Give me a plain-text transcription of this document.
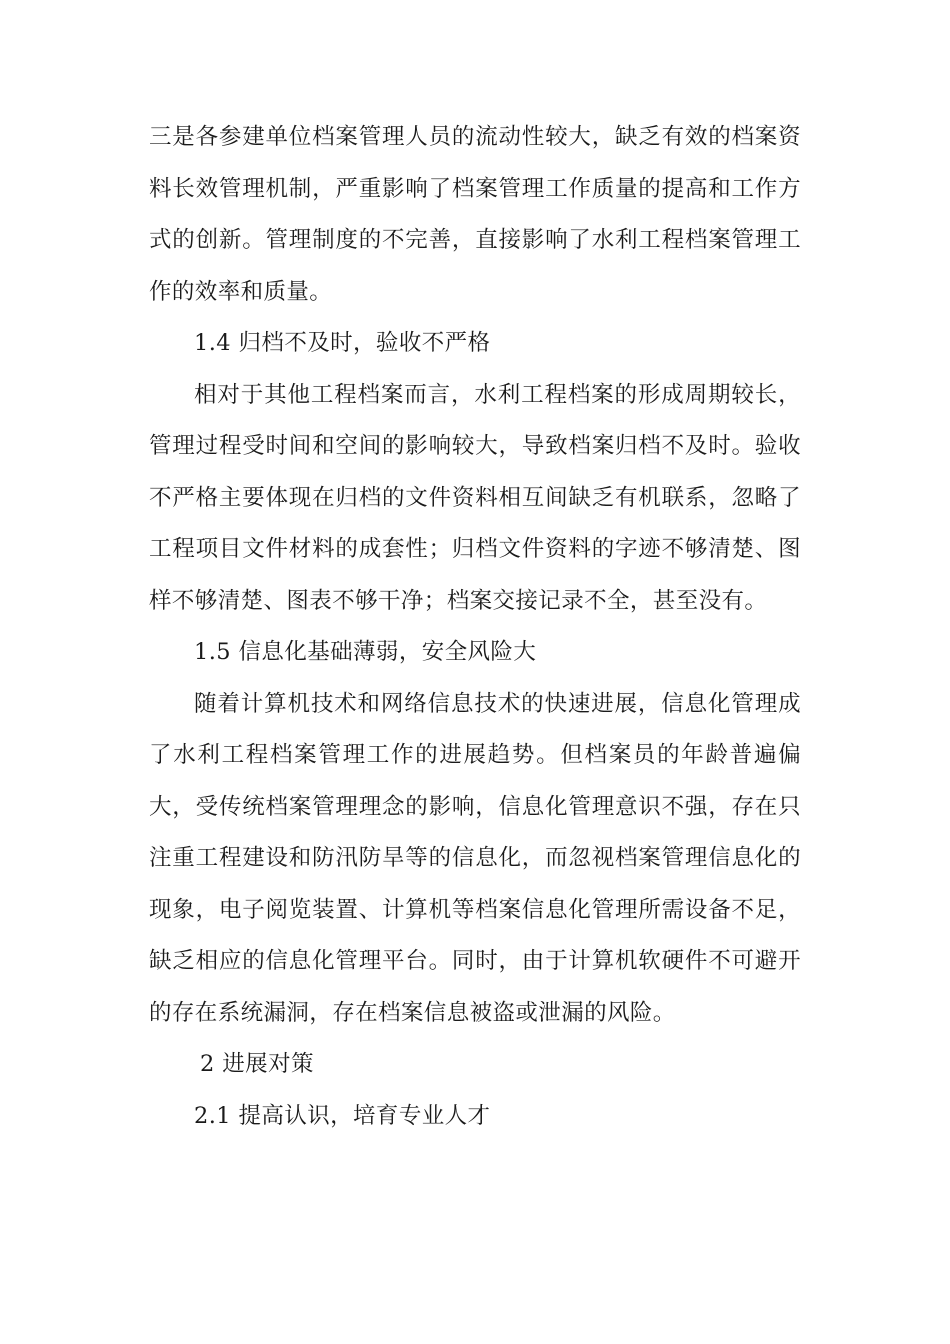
三是各参建单位档案管理人员的流动性较大，缺乏有效的档案资料长效管理机制，严重影响了档案管理工作质量的提高和工作方式的创新。管理制度的不完善，直接影响了水利工程档案管理工作的效率和质量。

1.4 归档不及时，验收不严格

相对于其他工程档案而言，水利工程档案的形成周期较长，管理过程受时间和空间的影响较大，导致档案归档不及时。验收不严格主要体现在归档的文件资料相互间缺乏有机联系，忽略了工程项目文件材料的成套性；归档文件资料的字迹不够清楚、图样不够清楚、图表不够干净；档案交接记录不全，甚至没有。

1.5 信息化基础薄弱，安全风险大

随着计算机技术和网络信息技术的快速进展，信息化管理成了水利工程档案管理工作的进展趋势。但档案员的年龄普遍偏大，受传统档案管理理念的影响，信息化管理意识不强，存在只注重工程建设和防汛防旱等的信息化，而忽视档案管理信息化的现象，电子阅览装置、计算机等档案信息化管理所需设备不足，缺乏相应的信息化管理平台。同时，由于计算机软硬件不可避开的存在系统漏洞，存在档案信息被盗或泄漏的风险。

2 进展对策

2.1 提高认识，培育专业人才
